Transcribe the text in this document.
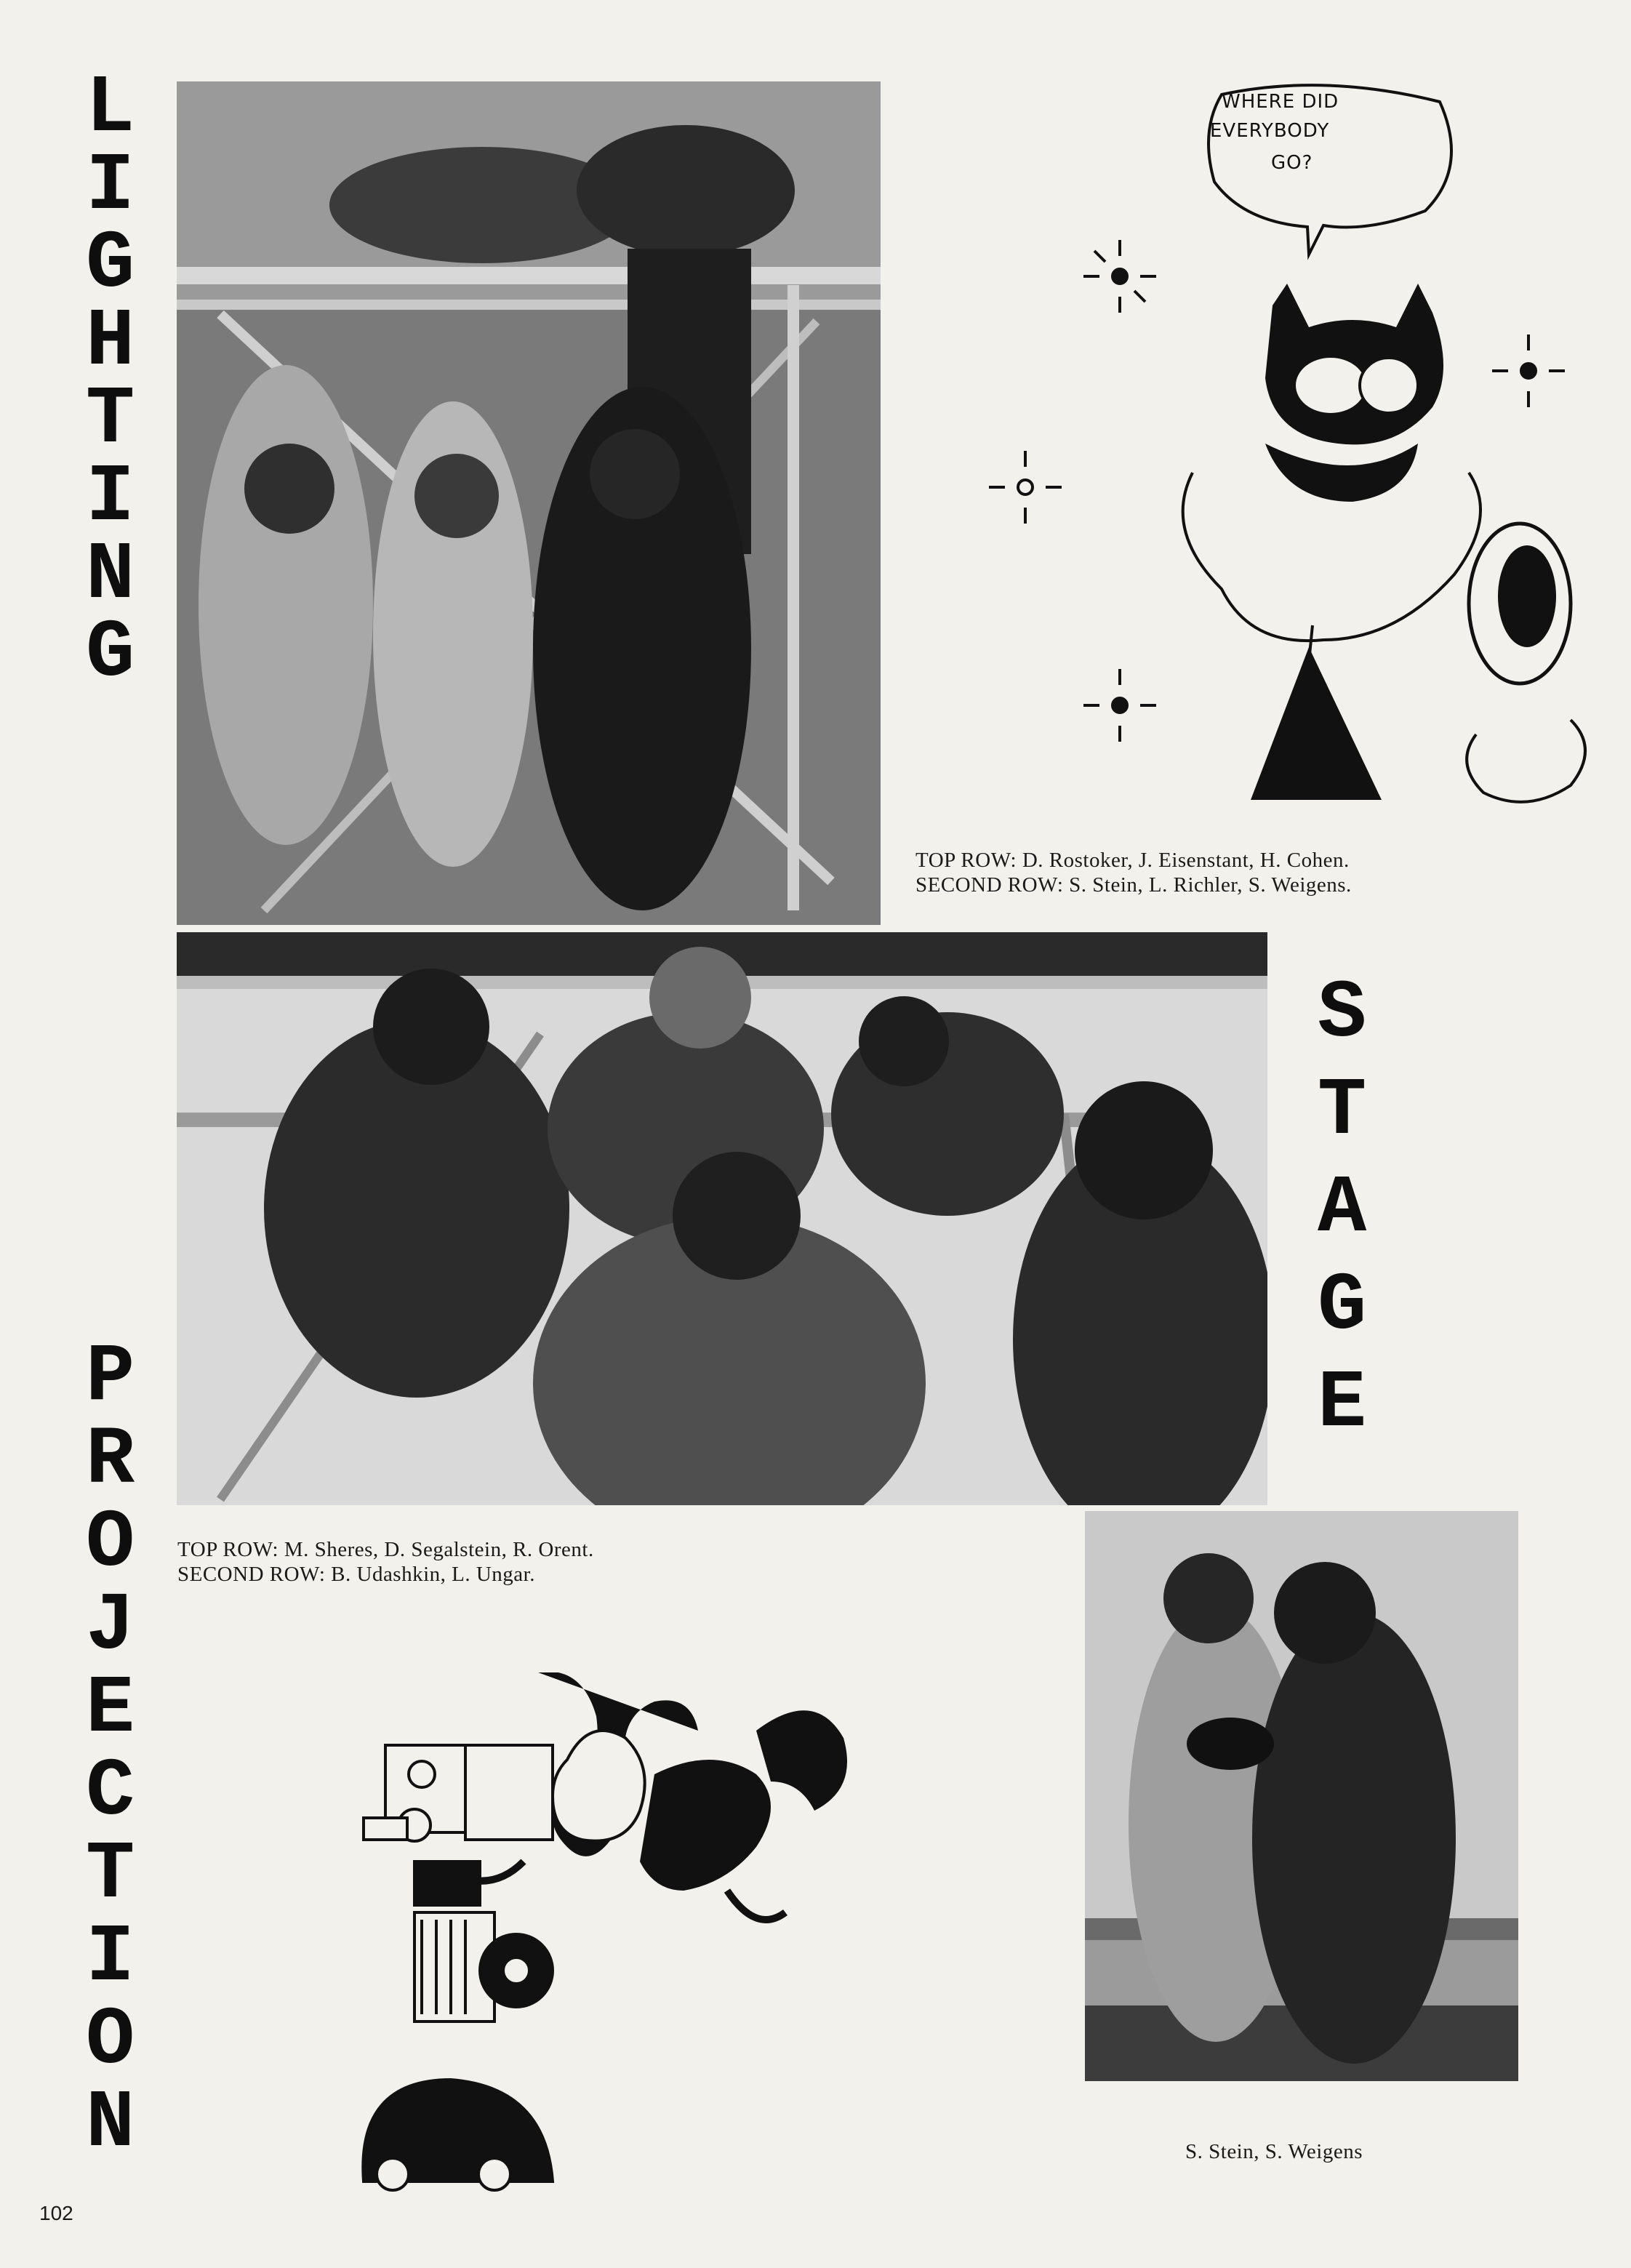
L
I
G
H
T
I
N
G
S
T
A
G
E
P
R
O
J
E
C
T
I
O
N
WHERE DID
EVERYBODY
GO?
TOP ROW: D. Rostoker, J. Eisenstant, H. Cohen.
SECOND ROW: S. Stein, L. Richler, S. Weigens.
TOP ROW: M. Sheres, D. Segalstein, R. Orent.
SECOND ROW: B. Udashkin, L. Ungar.
S. Stein, S. Weigens
102
